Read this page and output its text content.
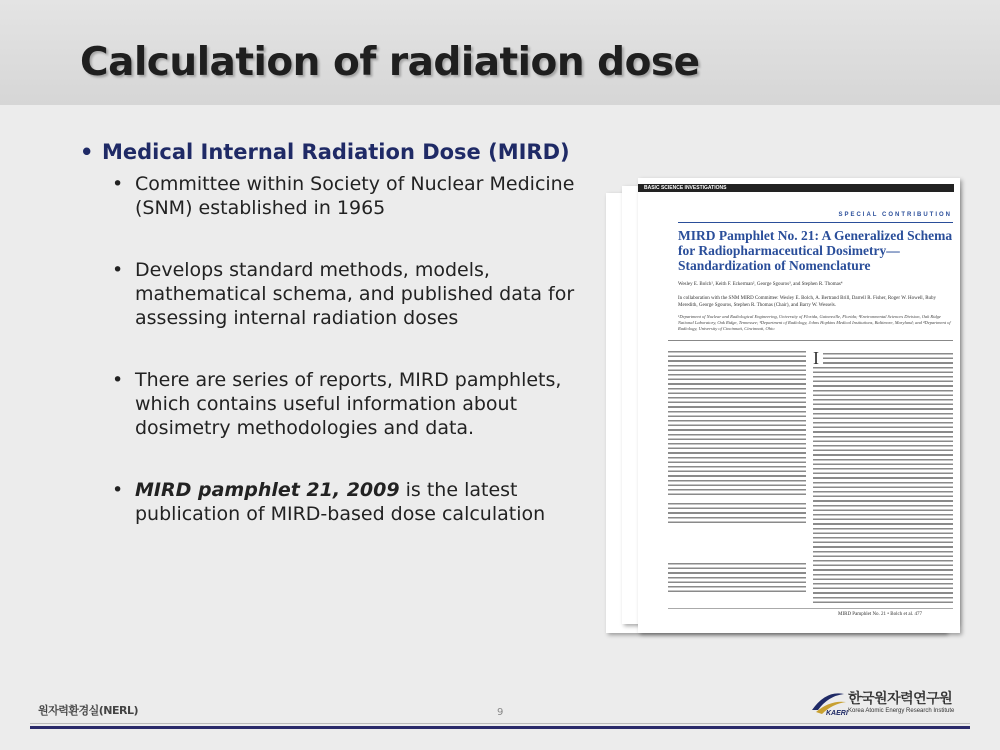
Calculation of radiation dose
• Medical Internal Radiation Dose (MIRD)
• Committee within Society of Nuclear Medicine (SNM) established in 1965
• Develops standard methods, models, mathematical schema, and published data for assessing internal radiation doses
• There are series of reports, MIRD pamphlets, which contains useful information about dosimetry methodologies and data.
• MIRD pamphlet 21, 2009 is the latest publication of MIRD-based dose calculation
BASIC SCIENCE INVESTIGATIONS
SPECIAL CONTRIBUTION
MIRD Pamphlet No. 21: A Generalized Schema for Radiopharmaceutical Dosimetry—Standardization of Nomenclature
Wesley E. Bolch¹, Keith F. Eckerman², George Sgouros³, and Stephen R. Thomas⁴
In collaboration with the SNM MIRD Committee: Wesley E. Bolch, A. Bertrand Brill, Darrell R. Fisher, Roger W. Howell, Ruby Meredith, George Sgouros, Stephen R. Thomas (Chair), and Barry W. Wessels.
¹Department of Nuclear and Radiological Engineering, University of Florida, Gainesville, Florida; ²Environmental Sciences Division, Oak Ridge National Laboratory, Oak Ridge, Tennessee; ³Department of Radiology, Johns Hopkins Medical Institutions, Baltimore, Maryland; and ⁴Department of Radiology, University of Cincinnati, Cincinnati, Ohio
I
MIRD Pamphlet No. 21 • Bolch et al. 477
원자력환경실(NERL)	9	KAERI
한국원자력연구원
Korea Atomic Energy Research Institute
